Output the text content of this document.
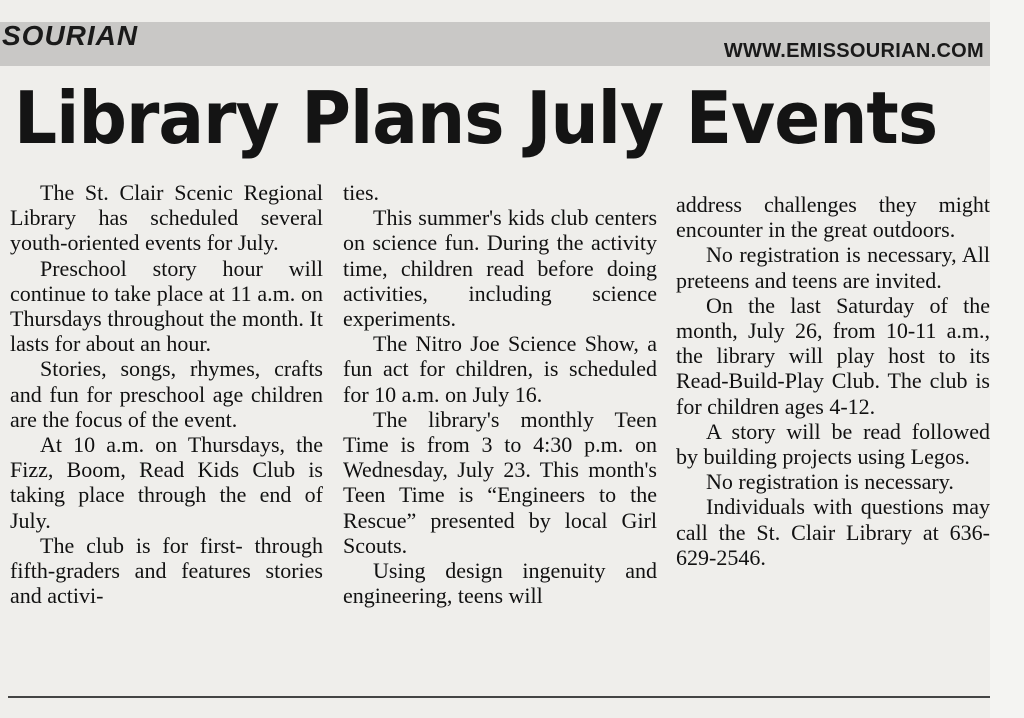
SOURIAN	WWW.EMISSOURIAN.COM
Library Plans July Events

The St. Clair Scenic Regional Library has scheduled several youth-oriented events for July.

Preschool story hour will continue to take place at 11 a.m. on Thursdays throughout the month. It lasts for about an hour.

Stories, songs, rhymes, crafts and fun for preschool age children are the focus of the event.

At 10 a.m. on Thursdays, the Fizz, Boom, Read Kids Club is taking place through the end of July.

The club is for first- through fifth-graders and features stories and activi-

ties.

This summer's kids club centers on science fun. During the activity time, children read before doing activities, including science experiments.

The Nitro Joe Science Show, a fun act for children, is scheduled for 10 a.m. on July 16.

The library's monthly Teen Time is from 3 to 4:30 p.m. on Wednesday, July 23. This month's Teen Time is “Engineers to the Rescue” presented by local Girl Scouts.

Using design ingenuity and engineering, teens will

address challenges they might encounter in the great outdoors.

No registration is necessary, All preteens and teens are invited.

On the last Saturday of the month, July 26, from 10-11 a.m., the library will play host to its Read-Build-Play Club. The club is for children ages 4-12.

A story will be read followed by building projects using Legos.

No registration is necessary.

Individuals with questions may call the St. Clair Library at 636-629-2546.
